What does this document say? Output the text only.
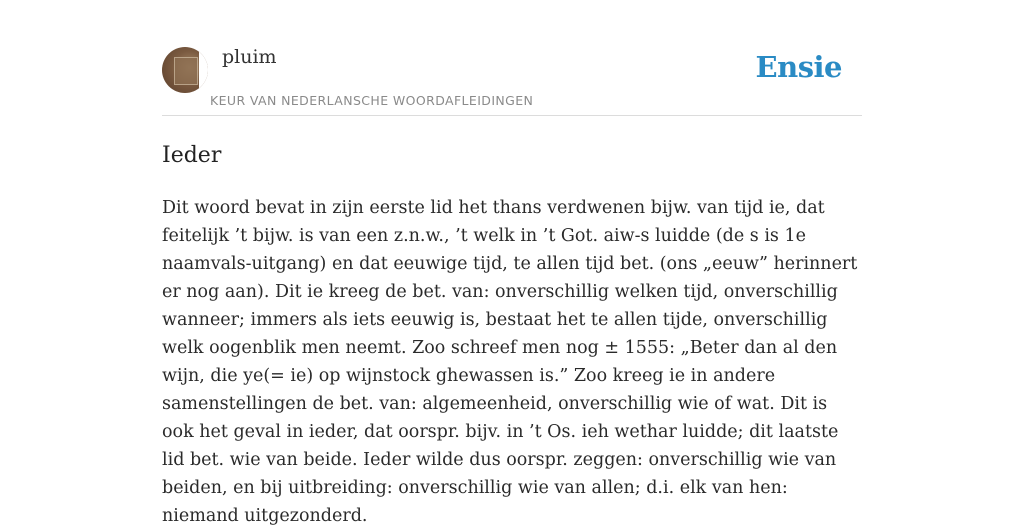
pluim
KEUR VAN NEDERLANSCHE WOORDAFLEIDINGEN
Ensie
Ieder

Dit woord bevat in zijn eerste lid het thans verdwenen bijw. van tijd ie, dat feitelijk ’t bijw. is van een z.n.w., ’t welk in ’t Got. aiw-s luidde (de s is 1e naamvals-uitgang) en dat eeuwige tijd, te allen tijd bet. (ons „eeuw” herinnert er nog aan). Dit ie kreeg de bet. van: onverschillig welken tijd, onverschillig wanneer; immers als iets eeuwig is, bestaat het te allen tijde, onverschillig welk oogenblik men neemt. Zoo schreef men nog ± 1555: „Beter dan al den wijn, die ye(= ie) op wijnstock ghewassen is.” Zoo kreeg ie in andere samenstellingen de bet. van: algemeenheid, onverschillig wie of wat. Dit is ook het geval in ieder, dat oorspr. bijv. in ’t Os. ieh wethar luidde; dit laatste lid bet. wie van beide. Ieder wilde dus oorspr. zeggen: onverschillig wie van beiden, en bij uitbreiding: onverschillig wie van allen; d.i. elk van hen: niemand uitgezonderd.
